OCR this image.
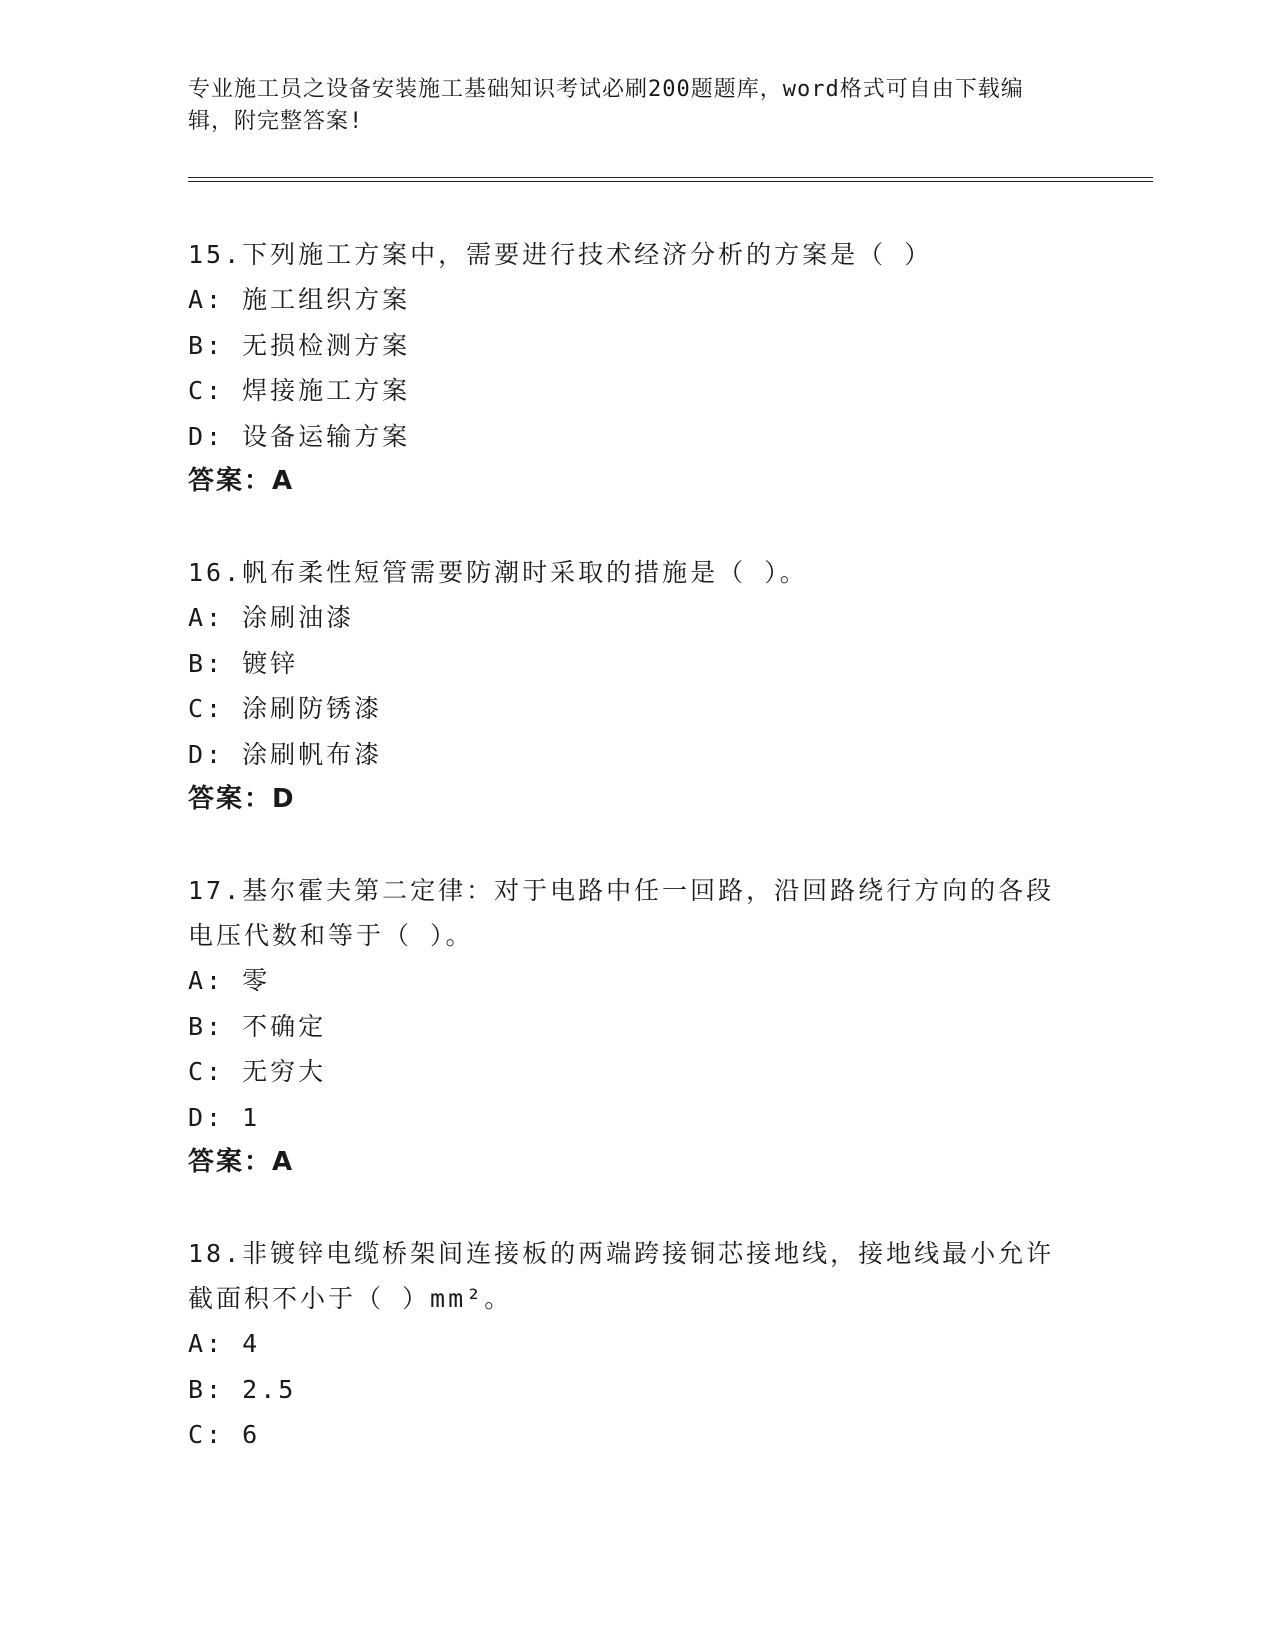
专业施工员之设备安装施工基础知识考试必刷200题题库，word格式可自由下载编辑，附完整答案!
15.下列施工方案中，需要进行技术经济分析的方案是（ ）
A: 施工组织方案
B: 无损检测方案
C: 焊接施工方案
D: 设备运输方案
答案：A
16.帆布柔性短管需要防潮时采取的措施是（ ）。
A: 涂刷油漆
B: 镀锌
C: 涂刷防锈漆
D: 涂刷帆布漆
答案：D
17.基尔霍夫第二定律：对于电路中任一回路，沿回路绕行方向的各段电压代数和等于（ ）。
A: 零
B: 不确定
C: 无穷大
D: 1
答案：A
18.非镀锌电缆桥架间连接板的两端跨接铜芯接地线，接地线最小允许截面积不小于（ ）mm²。
A: 4
B: 2.5
C: 6
